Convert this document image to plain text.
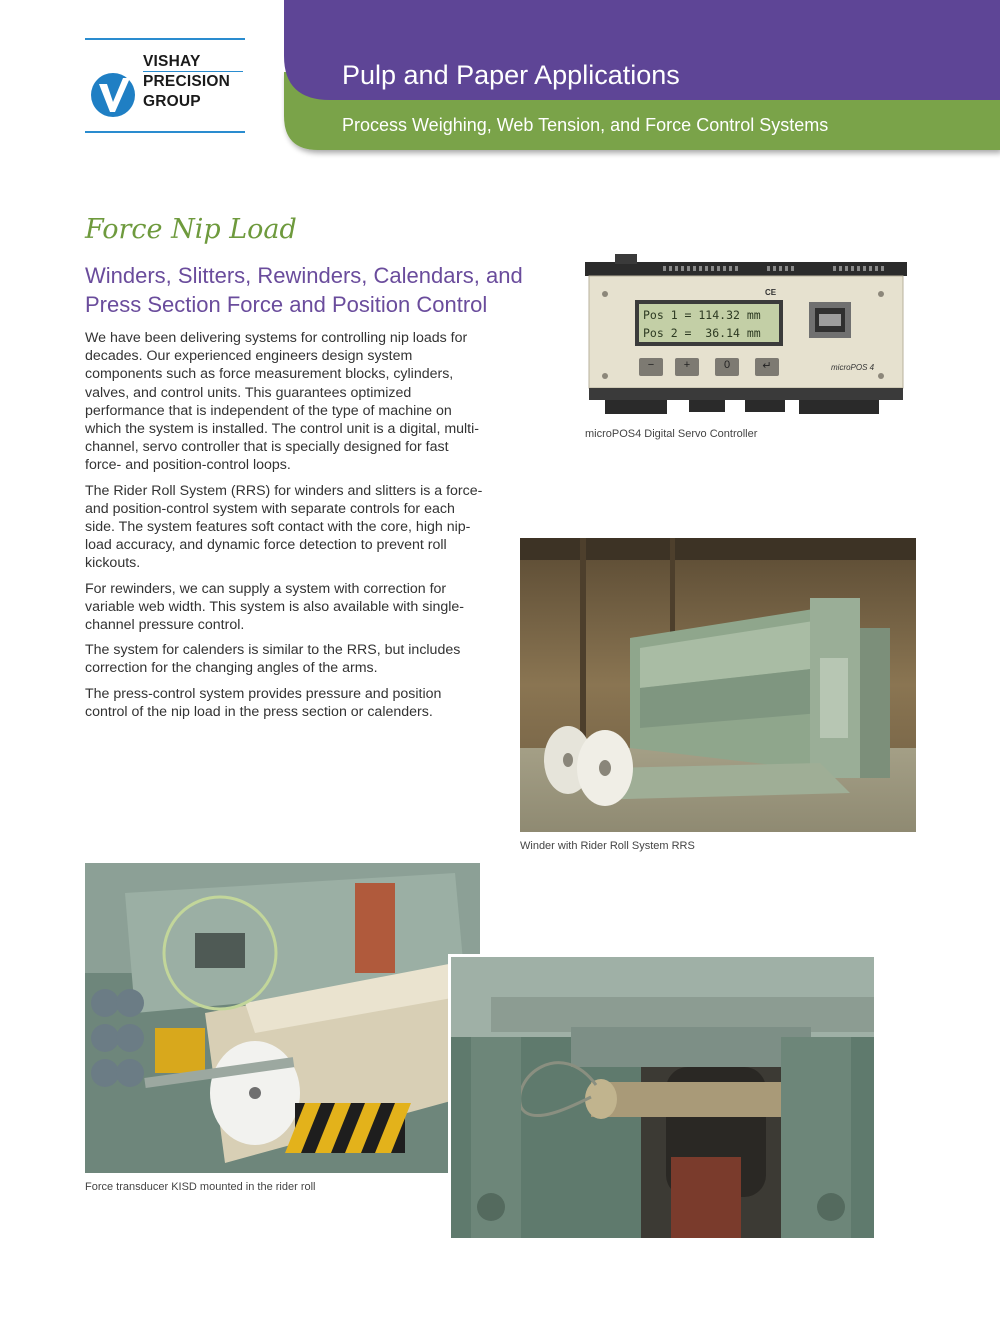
Pulp and Paper Applications
Process Weighing, Web Tension, and Force Control Systems
VISHAY
PRECISION
GROUP
Force Nip Load
Winders, Slitters, Rewinders, Calendars, and Press Section Force and Position Control

We have been delivering systems for controlling nip loads for decades. Our experienced engineers design system components such as force measurement blocks, cylinders, valves, and control units. This guarantees optimized performance that is independent of the type of machine on which the system is installed. The control unit is a digital, multi-channel, servo controller that is specially designed for fast force- and position-control loops.

The Rider Roll System (RRS) for winders and slitters is a force- and position-control system with separate controls for each side. The system features soft contact with the core, high nip-load accuracy, and dynamic force detection to prevent roll kickouts.

For rewinders, we can supply a system with correction for variable web width. This system is also available with single-channel pressure control.

The system for calenders is similar to the RRS, but includes correction for the changing angles of the arms.

The press-control system provides pressure and position control of the nip load in the press section or calenders.

Pos 1 = 114.32 mm
Pos 2 =  36.14 mm
CE
microPOS 4
−	+	0	↵
microPOS4 Digital Servo Controller
Winder with Rider Roll System RRS
Force transducer KISD mounted in the rider roll
